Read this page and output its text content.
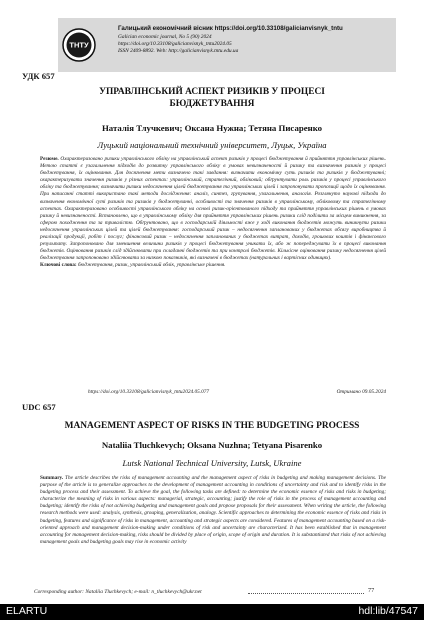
ТНТУ
Галицький економічний вісник https://doi.org/10.33108/galicianvisnyk_tntu
Galician economic journal, No 5 (90) 2024
https://doi.org/10.33108/galicianvisnyk_tntu2024.05
ISSN 2409-8892. Web: http://galicianvisnyk.tntu.edu.ua
УДК 657
УПРАВЛІНСЬКИЙ АСПЕКТ РИЗИКІВ У ПРОЦЕСІ
БЮДЖЕТУВАННЯ
Наталія Тлучкевич; Оксана Нужна; Тетяна Писаренко
Луцький національний технічний університет, Луцьк, Україна
Резюме. Охарактеризовано ризики управлінського обліку на управлінський аспект ризиків у процесі бюджетування й прийняття управлінських рішень. Метою статті є узагальнення підходів до розвитку управлінського обліку в умовах невизначеності й ризику та визначення ризиків у процесі бюджетування, їх оцінювання. Для досягнення мети визначено такі завдання: визначити економічну суть ризиків та ризиків у бюджетуванні; охарактеризувати значення ризиків у різних аспектах: управлінський, стратегічний, обліковий; обґрунтувати роль ризиків у процесі управлінського обліку та бюджетування; визначити ризики недосягнення цілей бюджетування та управлінських цілей і запропонувати пропозиції щодо їх оцінювання. При написанні статті використано такі методи дослідження: аналіз, синтез, групування, узагальнення, аналогія. Розглянуто наукові підходи до визначення економічної суті ризиків та ризиків у бюджетуванні, особливості та значення ризиків в управлінському, обліковому та стратегічному аспектах. Охарактеризовано особливості управлінського обліку на основі ризик-орієнтованого підходу та прийняття управлінських рішень в умовах ризику й невизначеності. Встановлено, що в управлінському обліку для прийняття управлінських рішень ризики слід поділити за місцем виникнення, за сферою походження та за тривалістю. Обґрунтовано, що в господарській діяльності вже у ході виконання бюджетів можуть виникнути ризики недосягнення управлінських цілей та цілей бюджетування: господарський ризик – недосягнення запланованих у бюджетах обсягу виробництва й реалізації продукції, робіт і послуг; фінансовий ризик – недосягнення запланованих у бюджетах витрат, доходів, грошових коштів і фінансового результату. Запропоновано для зменшення величини ризиків у процесі бюджетування уникати їх, або ж попереджувати їх в процесі виконання бюджетів. Оцінювання ризиків слід здійснювати при складанні бюджетів та при контролі бюджетів. Кількісне оцінювання ризику недосягнення цілей бюджетування запропоновано здійснювати за низкою показників, які визначені в бюджетах (натуральних і вартісних одиницях).
Ключові слова: бюджетування, ризик, управлінський облік, управлінське рішення.
https://doi.org/10.33108/galicianvisnyk_tntu2024.05.077	Отримано 09.05.2024
UDC 657
MANAGEMENT ASPECT OF RISKS IN THE BUDGETING PROCESS
Nataliia Tluchkevych; Oksana Nuzhna; Tetyana Pisarenko
Lutsk National Technical University, Lutsk, Ukraine
Summary. The article describes the risks of management accounting and the management aspect of risks in budgeting and making management decisions. The purpose of the article is to generalize approaches to the development of management accounting in conditions of uncertainty and risk and to identify risks in the budgeting process and their assessment. To achieve the goal, the following tasks are defined: to determine the economic essence of risks and risks in budgeting; characterize the meaning of risks in various aspects: managerial, strategic, accounting; justify the role of risks in the process of management accounting and budgeting; identify the risks of not achieving budgeting and management goals and propose proposals for their assessment. When writing the article, the following research methods were used: analysis, synthesis, grouping, generalization, analogy. Scientific approaches to determining the economic essence of risks and risks in budgeting, features and significance of risks in management, accounting and strategic aspects are considered. Features of management accounting based on a risk-oriented approach and management decision-making under conditions of risk and uncertainty are characterized. It has been established that in management accounting for management decision-making, risks should be divided by place of origin, scope of origin and duration. It is substantiated that risks of not achieving management goals and budgeting goals may rise in economic activity
Corresponding author: Nataliia Tluchkevych; e-mail: n_tluchkevych@ukr.net	77
ELARTU	hdl:lib/47547
